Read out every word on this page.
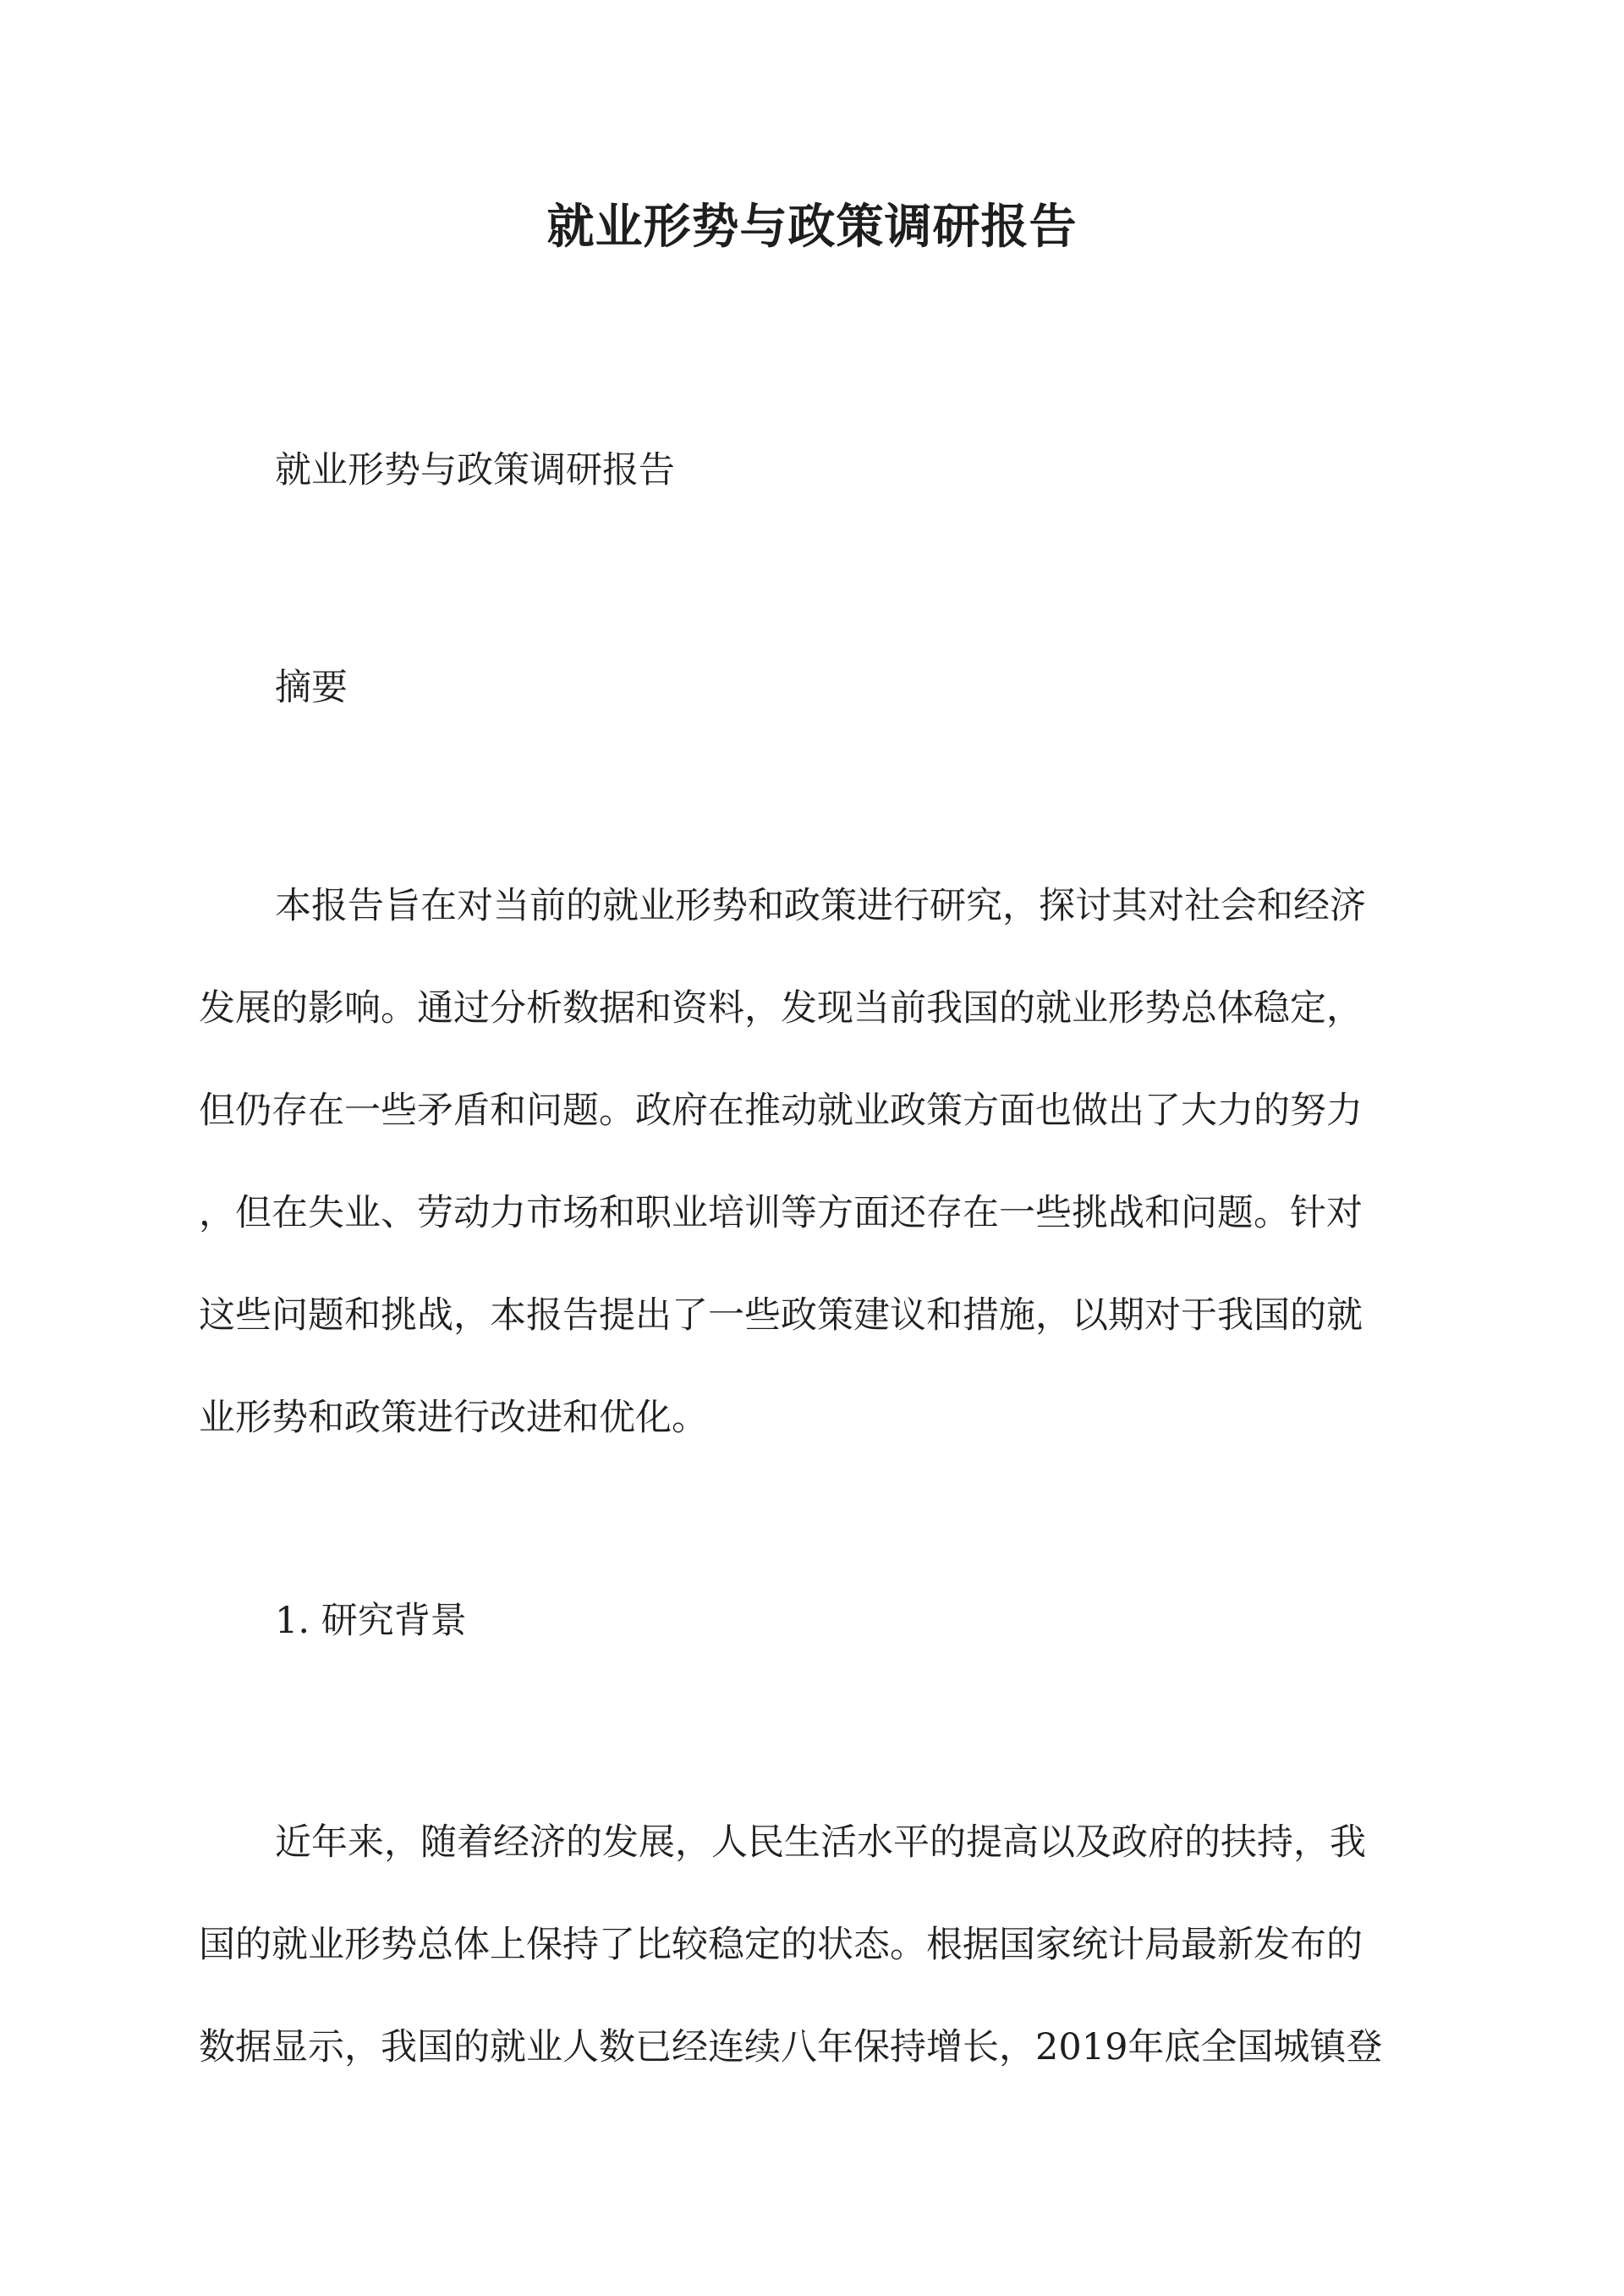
就业形势与政策调研报告

就业形势与政策调研报告

摘要

本报告旨在对当前的就业形势和政策进行研究，探讨其对社会和经济
发展的影响。通过分析数据和资料，发现当前我国的就业形势总体稳定，
但仍存在一些矛盾和问题。政府在推动就业政策方面也做出了大力的努力
，但在失业、劳动力市场和职业培训等方面还存在一些挑战和问题。针对
这些问题和挑战，本报告提出了一些政策建议和措施，以期对于我国的就
业形势和政策进行改进和优化。

1. 研究背景

近年来，随着经济的发展，人民生活水平的提高以及政府的扶持，我
国的就业形势总体上保持了比较稳定的状态。根据国家统计局最新发布的
数据显示，我国的就业人数已经连续八年保持增长，2019年底全国城镇登
